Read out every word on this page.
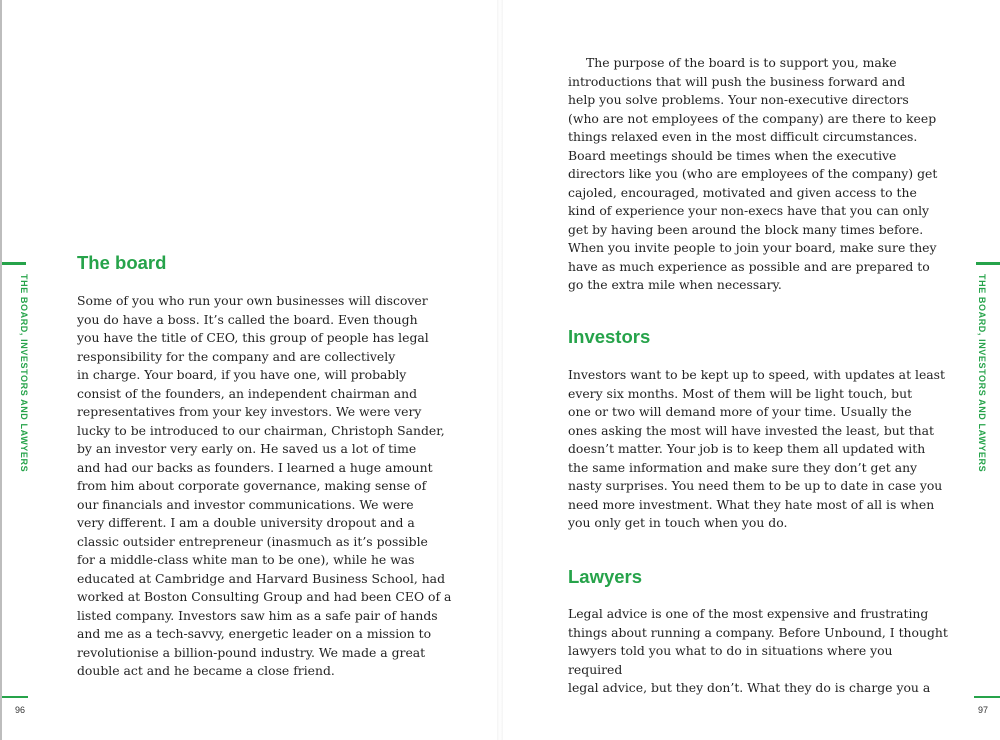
THE BOARD, INVESTORS AND LAWYERS
The board

Some of you who run your own businesses will discover
you do have a boss. It’s called the board. Even though
you have the title of CEO, this group of people has legal
responsibility for the company and are collectively
in charge. Your board, if you have one, will probably
consist of the founders, an independent chairman and
representatives from your key investors. We were very
lucky to be introduced to our chairman, Christoph Sander,
by an investor very early on. He saved us a lot of time
and had our backs as founders. I learned a huge amount
from him about corporate governance, making sense of
our financials and investor communications. We were
very different. I am a double university dropout and a
classic outsider entrepreneur (inasmuch as it’s possible
for a middle-class white man to be one), while he was
educated at Cambridge and Harvard Business School, had
worked at Boston Consulting Group and had been CEO of a
listed company. Investors saw him as a safe pair of hands
and me as a tech-savvy, energetic leader on a mission to
revolutionise a billion-pound industry. We made a great
double act and he became a close friend.

96

The purpose of the board is to support you, make
introductions that will push the business forward and
help you solve problems. Your non-executive directors
(who are not employees of the company) are there to keep
things relaxed even in the most difficult circumstances.
Board meetings should be times when the executive
directors like you (who are employees of the company) get
cajoled, encouraged, motivated and given access to the
kind of experience your non-execs have that you can only
get by having been around the block many times before.
When you invite people to join your board, make sure they
have as much experience as possible and are prepared to
go the extra mile when necessary.

Investors

Investors want to be kept up to speed, with updates at least
every six months. Most of them will be light touch, but
one or two will demand more of your time. Usually the
ones asking the most will have invested the least, but that
doesn’t matter. Your job is to keep them all updated with
the same information and make sure they don’t get any
nasty surprises. You need them to be up to date in case you
need more investment. What they hate most of all is when
you only get in touch when you do.

Lawyers

Legal advice is one of the most expensive and frustrating
things about running a company. Before Unbound, I thought
lawyers told you what to do in situations where you required
legal advice, but they don’t. What they do is charge you a

THE BOARD, INVESTORS AND LAWYERS
97
